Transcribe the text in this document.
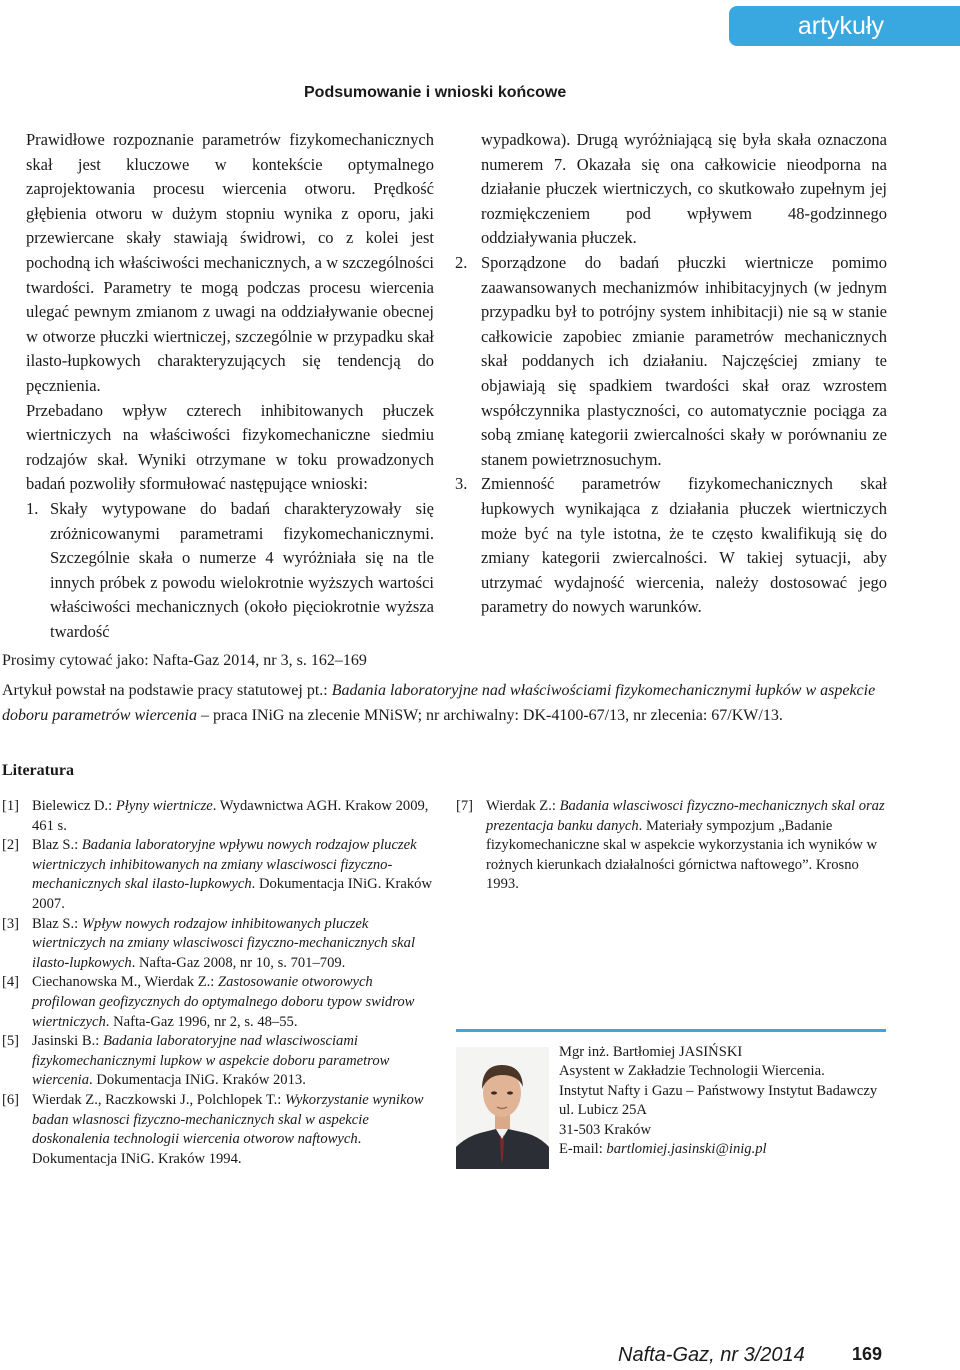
artykuły
Podsumowanie i wnioski końcowe

Prawidłowe rozpoznanie parametrów fizykomechanicznych skał jest kluczowe w kontekście optymalnego zaprojektowania procesu wiercenia otworu. Prędkość głębienia otworu w dużym stopniu wynika z oporu, jaki przewiercane skały stawiają świdrowi, co z kolei jest pochodną ich właściwości mechanicznych, a w szczególności twardości. Parametry te mogą podczas procesu wiercenia ulegać pewnym zmianom z uwagi na oddziaływanie obecnej w otworze płuczki wiertniczej, szczególnie w przypadku skał ilasto-łupkowych charakteryzujących się tendencją do pęcznienia.

Przebadano wpływ czterech inhibitowanych płuczek wiertniczych na właściwości fizykomechaniczne siedmiu rodzajów skał. Wyniki otrzymane w toku prowadzonych badań pozwoliły sformułować następujące wnioski:

1. Skały wytypowane do badań charakteryzowały się zróżnicowanymi parametrami fizykomechanicznymi. Szczególnie skała o numerze 4 wyróżniała się na tle innych próbek z powodu wielokrotnie wyższych wartości właściwości mechanicznych (około pięciokrotnie wyższa twardość

wypadkowa). Drugą wyróżniającą się była skała oznaczona numerem 7. Okazała się ona całkowicie nieodporna na działanie płuczek wiertniczych, co skutkowało zupełnym jej rozmiękczeniem pod wpływem 48-godzinnego oddziaływania płuczek.

2. Sporządzone do badań płuczki wiertnicze pomimo zaawansowanych mechanizmów inhibitacyjnych (w jednym przypadku był to potrójny system inhibitacji) nie są w stanie całkowicie zapobiec zmianie parametrów mechanicznych skał poddanych ich działaniu. Najczęściej zmiany te objawiają się spadkiem twardości skał oraz wzrostem współczynnika plastyczności, co automatycznie pociąga za sobą zmianę kategorii zwiercalności skały w porównaniu ze stanem powietrznosuchym.
3. Zmienność parametrów fizykomechanicznych skał łupkowych wynikająca z działania płuczek wiertniczych może być na tyle istotna, że te często kwalifikują się do zmiany kategorii zwiercalności. W takiej sytuacji, aby utrzymać wydajność wiercenia, należy dostosować jego parametry do nowych warunków.
Prosimy cytować jako: Nafta-Gaz 2014, nr 3, s. 162–169
Artykuł powstał na podstawie pracy statutowej pt.: Badania laboratoryjne nad właściwościami fizykomechanicznymi łupków w aspekcie doboru parametrów wiercenia – praca INiG na zlecenie MNiSW; nr archiwalny: DK-4100-67/13, nr zlecenia: 67/KW/13.
Literatura
[1] Bielewicz D.: Płyny wiertnicze. Wydawnictwa AGH. Krakow 2009, 461 s.
[2] Blaz S.: Badania laboratoryjne wpływu nowych rodzajow pluczek wiertniczych inhibitowanych na zmiany wlasciwosci fizyczno-mechanicznych skal ilasto-lupkowych. Dokumentacja INiG. Kraków 2007.
[3] Blaz S.: Wpływ nowych rodzajow inhibitowanych pluczek wiertniczych na zmiany wlasciwosci fizyczno-mechanicznych skal ilasto-lupkowych. Nafta-Gaz 2008, nr 10, s. 701–709.
[4] Ciechanowska M., Wierdak Z.: Zastosowanie otworowych profilowan geofizycznych do optymalnego doboru typow swidrow wiertniczych. Nafta-Gaz 1996, nr 2, s. 48–55.
[5] Jasinski B.: Badania laboratoryjne nad wlasciwosciami fizykomechanicznymi lupkow w aspekcie doboru parametrow wiercenia. Dokumentacja INiG. Kraków 2013.
[6] Wierdak Z., Raczkowski J., Polchlopek T.: Wykorzystanie wynikow badan wlasnosci fizyczno-mechanicznych skal w aspekcie doskonalenia technologii wiercenia otworow naftowych. Dokumentacja INiG. Kraków 1994.
[7] Wierdak Z.: Badania wlasciwosci fizyczno-mechanicznych skal oraz prezentacja banku danych. Materiały sympozjum „Badanie fizykomechaniczne skal w aspekcie wykorzystania ich wyników w rożnych kierunkach działalności górnictwa naftowego”. Krosno 1993.
Mgr inż. Bartłomiej JASIŃSKI
Asystent w Zakładzie Technologii Wiercenia.
Instytut Nafty i Gazu – Państwowy Instytut Badawczy
ul. Lubicz 25A
31-503 Kraków
E-mail: bartlomiej.jasinski@inig.pl
Nafta-Gaz, nr 3/2014	169
